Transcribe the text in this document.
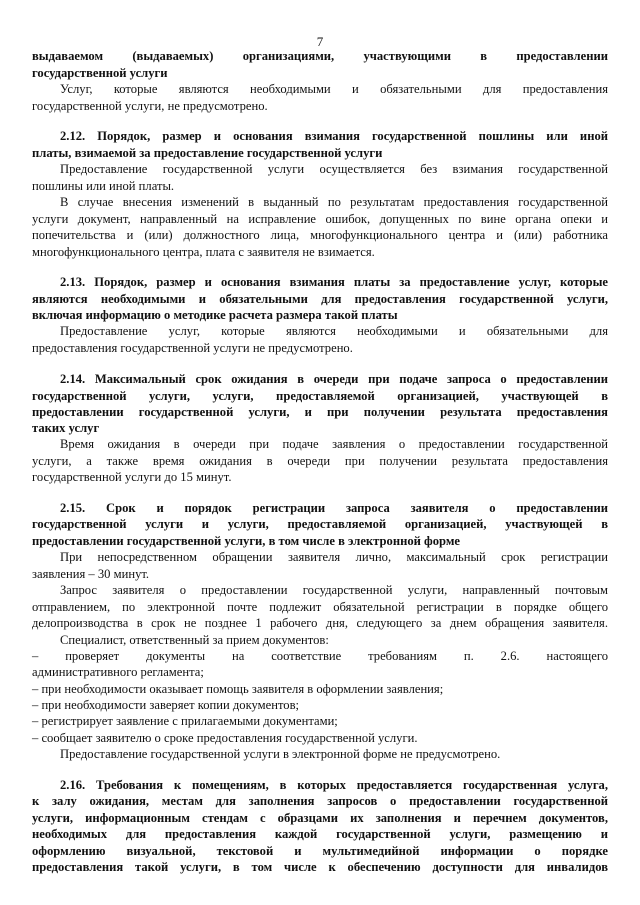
7
выдаваемом (выдаваемых) организациями, участвующими в предоставлении
государственной услуги
Услуг, которые являются необходимыми и обязательными для предоставления
государственной услуги, не предусмотрено.
2.12. Порядок, размер и основания взимания государственной пошлины или иной
платы, взимаемой за предоставление государственной услуги
Предоставление государственной услуги осуществляется без взимания государственной
пошлины или иной платы.
В случае внесения изменений в выданный по результатам предоставления государственной
услуги документ, направленный на исправление ошибок, допущенных по вине органа опеки и
попечительства и (или) должностного лица, многофункционального центра и (или) работника
многофункционального центра, плата с заявителя не взимается.
2.13. Порядок, размер и основания взимания платы за предоставление услуг, которые
являются необходимыми и обязательными для предоставления государственной услуги,
включая информацию о методике расчета размера такой платы
Предоставление услуг, которые являются необходимыми и обязательными для
предоставления государственной услуги не предусмотрено.
2.14. Максимальный срок ожидания в очереди при подаче запроса о предоставлении
государственной услуги, услуги, предоставляемой организацией, участвующей в
предоставлении государственной услуги, и при получении результата предоставления
таких услуг
Время ожидания в очереди при подаче заявления о предоставлении государственной
услуги, а также время ожидания в очереди при получении результата предоставления
государственной услуги до 15 минут.
2.15. Срок и порядок регистрации запроса заявителя о предоставлении
государственной услуги и услуги, предоставляемой организацией, участвующей в
предоставлении государственной услуги, в том числе в электронной форме
При непосредственном обращении заявителя лично, максимальный срок регистрации
заявления – 30 минут.
Запрос заявителя о предоставлении государственной услуги, направленный почтовым
отправлением, по электронной почте подлежит обязательной регистрации в порядке общего
делопроизводства в срок не позднее 1 рабочего дня, следующего за днем обращения заявителя.
Специалист, ответственный за прием документов:
– проверяет документы на соответствие требованиям п. 2.6. настоящего
административного регламента;
– при необходимости оказывает помощь заявителя в оформлении заявления;
– при необходимости заверяет копии документов;
– регистрирует заявление с прилагаемыми документами;
– сообщает заявителю о сроке предоставления государственной услуги.
Предоставление государственной услуги в электронной форме не предусмотрено.
2.16. Требования к помещениям, в которых предоставляется государственная услуга,
к залу ожидания, местам для заполнения запросов о предоставлении государственной
услуги, информационным стендам с образцами их заполнения и перечнем документов,
необходимых для предоставления каждой государственной услуги, размещению и
оформлению визуальной, текстовой и мультимедийной информации о порядке
предоставления такой услуги, в том числе к обеспечению доступности для инвалидов
